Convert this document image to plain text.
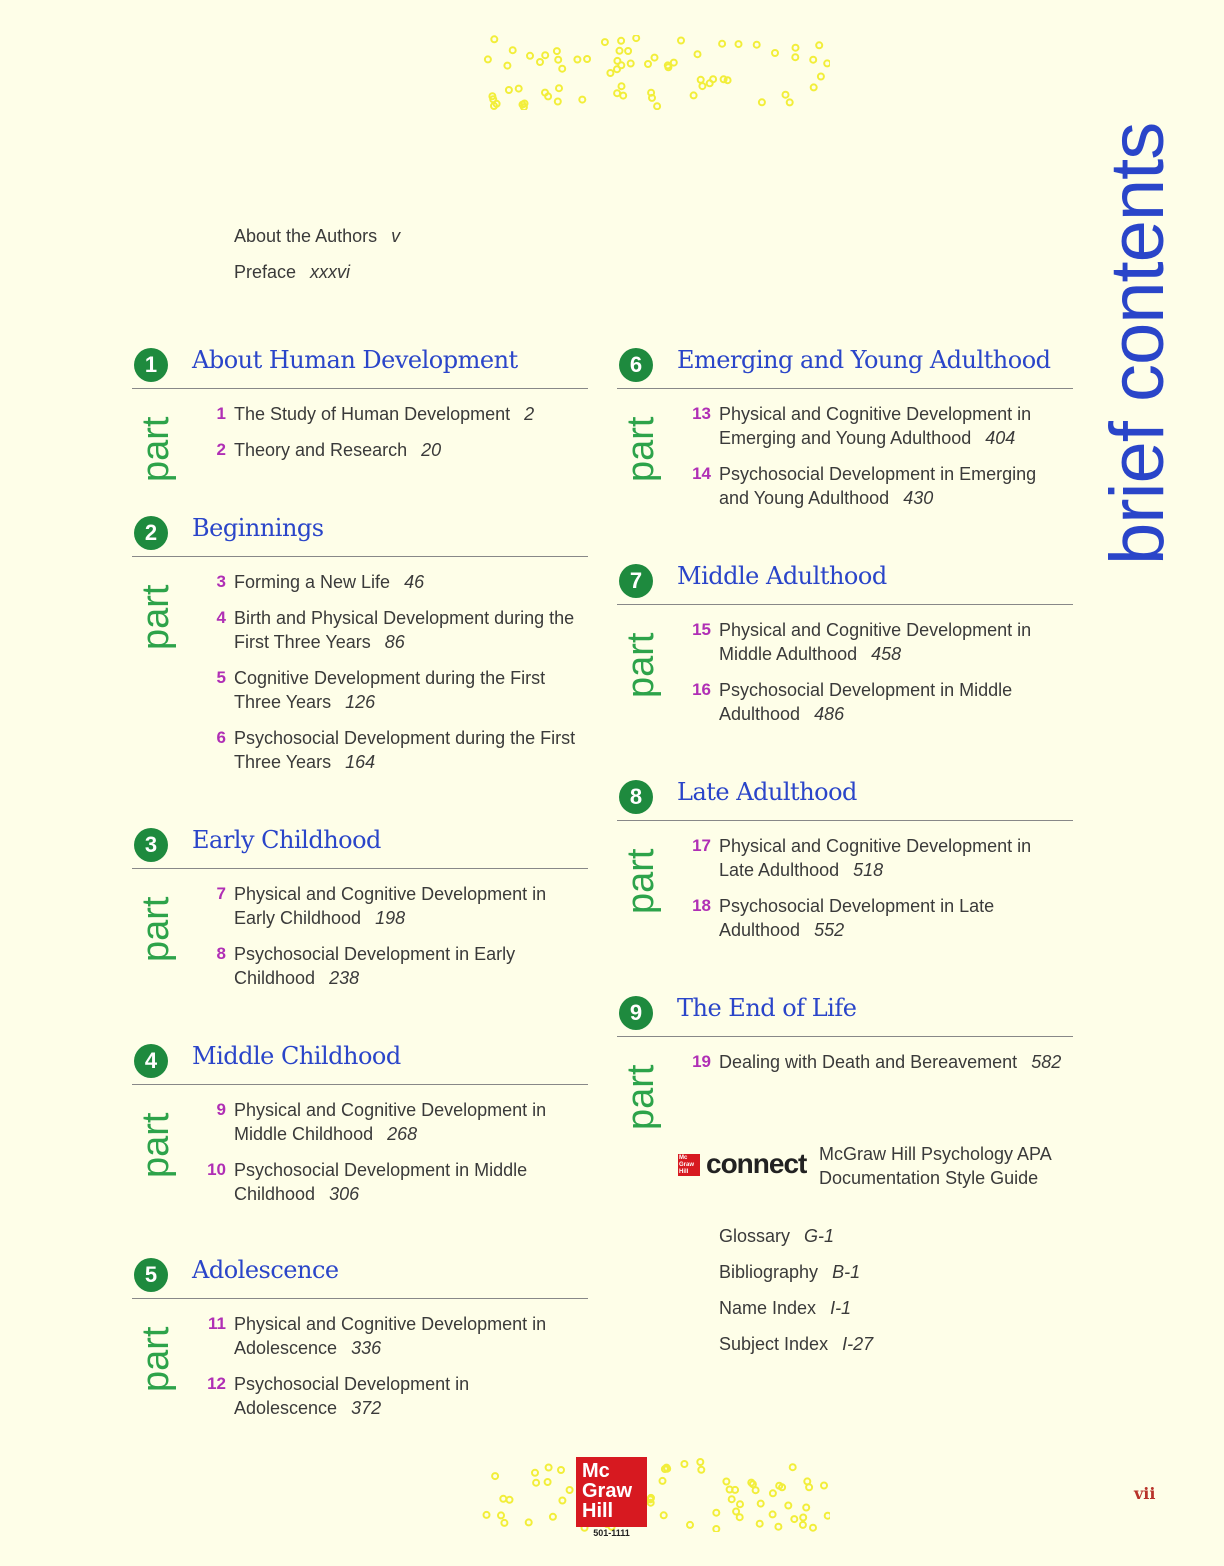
brief contents
About the Authors v
Preface xxxvi
1	About Human Development
part
1 The Study of Human Development 2
2 Theory and Research 20
2	Beginnings
part
3 Forming a New Life 46
4 Birth and Physical Development during the First Three Years 86
5 Cognitive Development during the First Three Years 126
6 Psychosocial Development during the First Three Years 164
3	Early Childhood
part
7 Physical and Cognitive Development in Early Childhood 198
8 Psychosocial Development in Early Childhood 238
4	Middle Childhood
part
9 Physical and Cognitive Development in Middle Childhood 268
10 Psychosocial Development in Middle Childhood 306
5	Adolescence
part
11 Physical and Cognitive Development in Adolescence 336
12 Psychosocial Development in Adolescence 372
6	Emerging and Young Adulthood
part
13 Physical and Cognitive Development in Emerging and Young Adulthood 404
14 Psychosocial Development in Emerging and Young Adulthood 430
7	Middle Adulthood
part
15 Physical and Cognitive Development in Middle Adulthood 458
16 Psychosocial Development in Middle Adulthood 486
8	Late Adulthood
part
17 Physical and Cognitive Development in Late Adulthood 518
18 Psychosocial Development in Late Adulthood 552
9	The End of Life
part
19 Dealing with Death and Bereavement 582
Mc Graw Hill connect McGraw Hill Psychology APA
Documentation Style Guide
Glossary G-1
Bibliography B-1
Name Index I-1
Subject Index I-27
Mc
Graw
Hill
501-1111
vii
